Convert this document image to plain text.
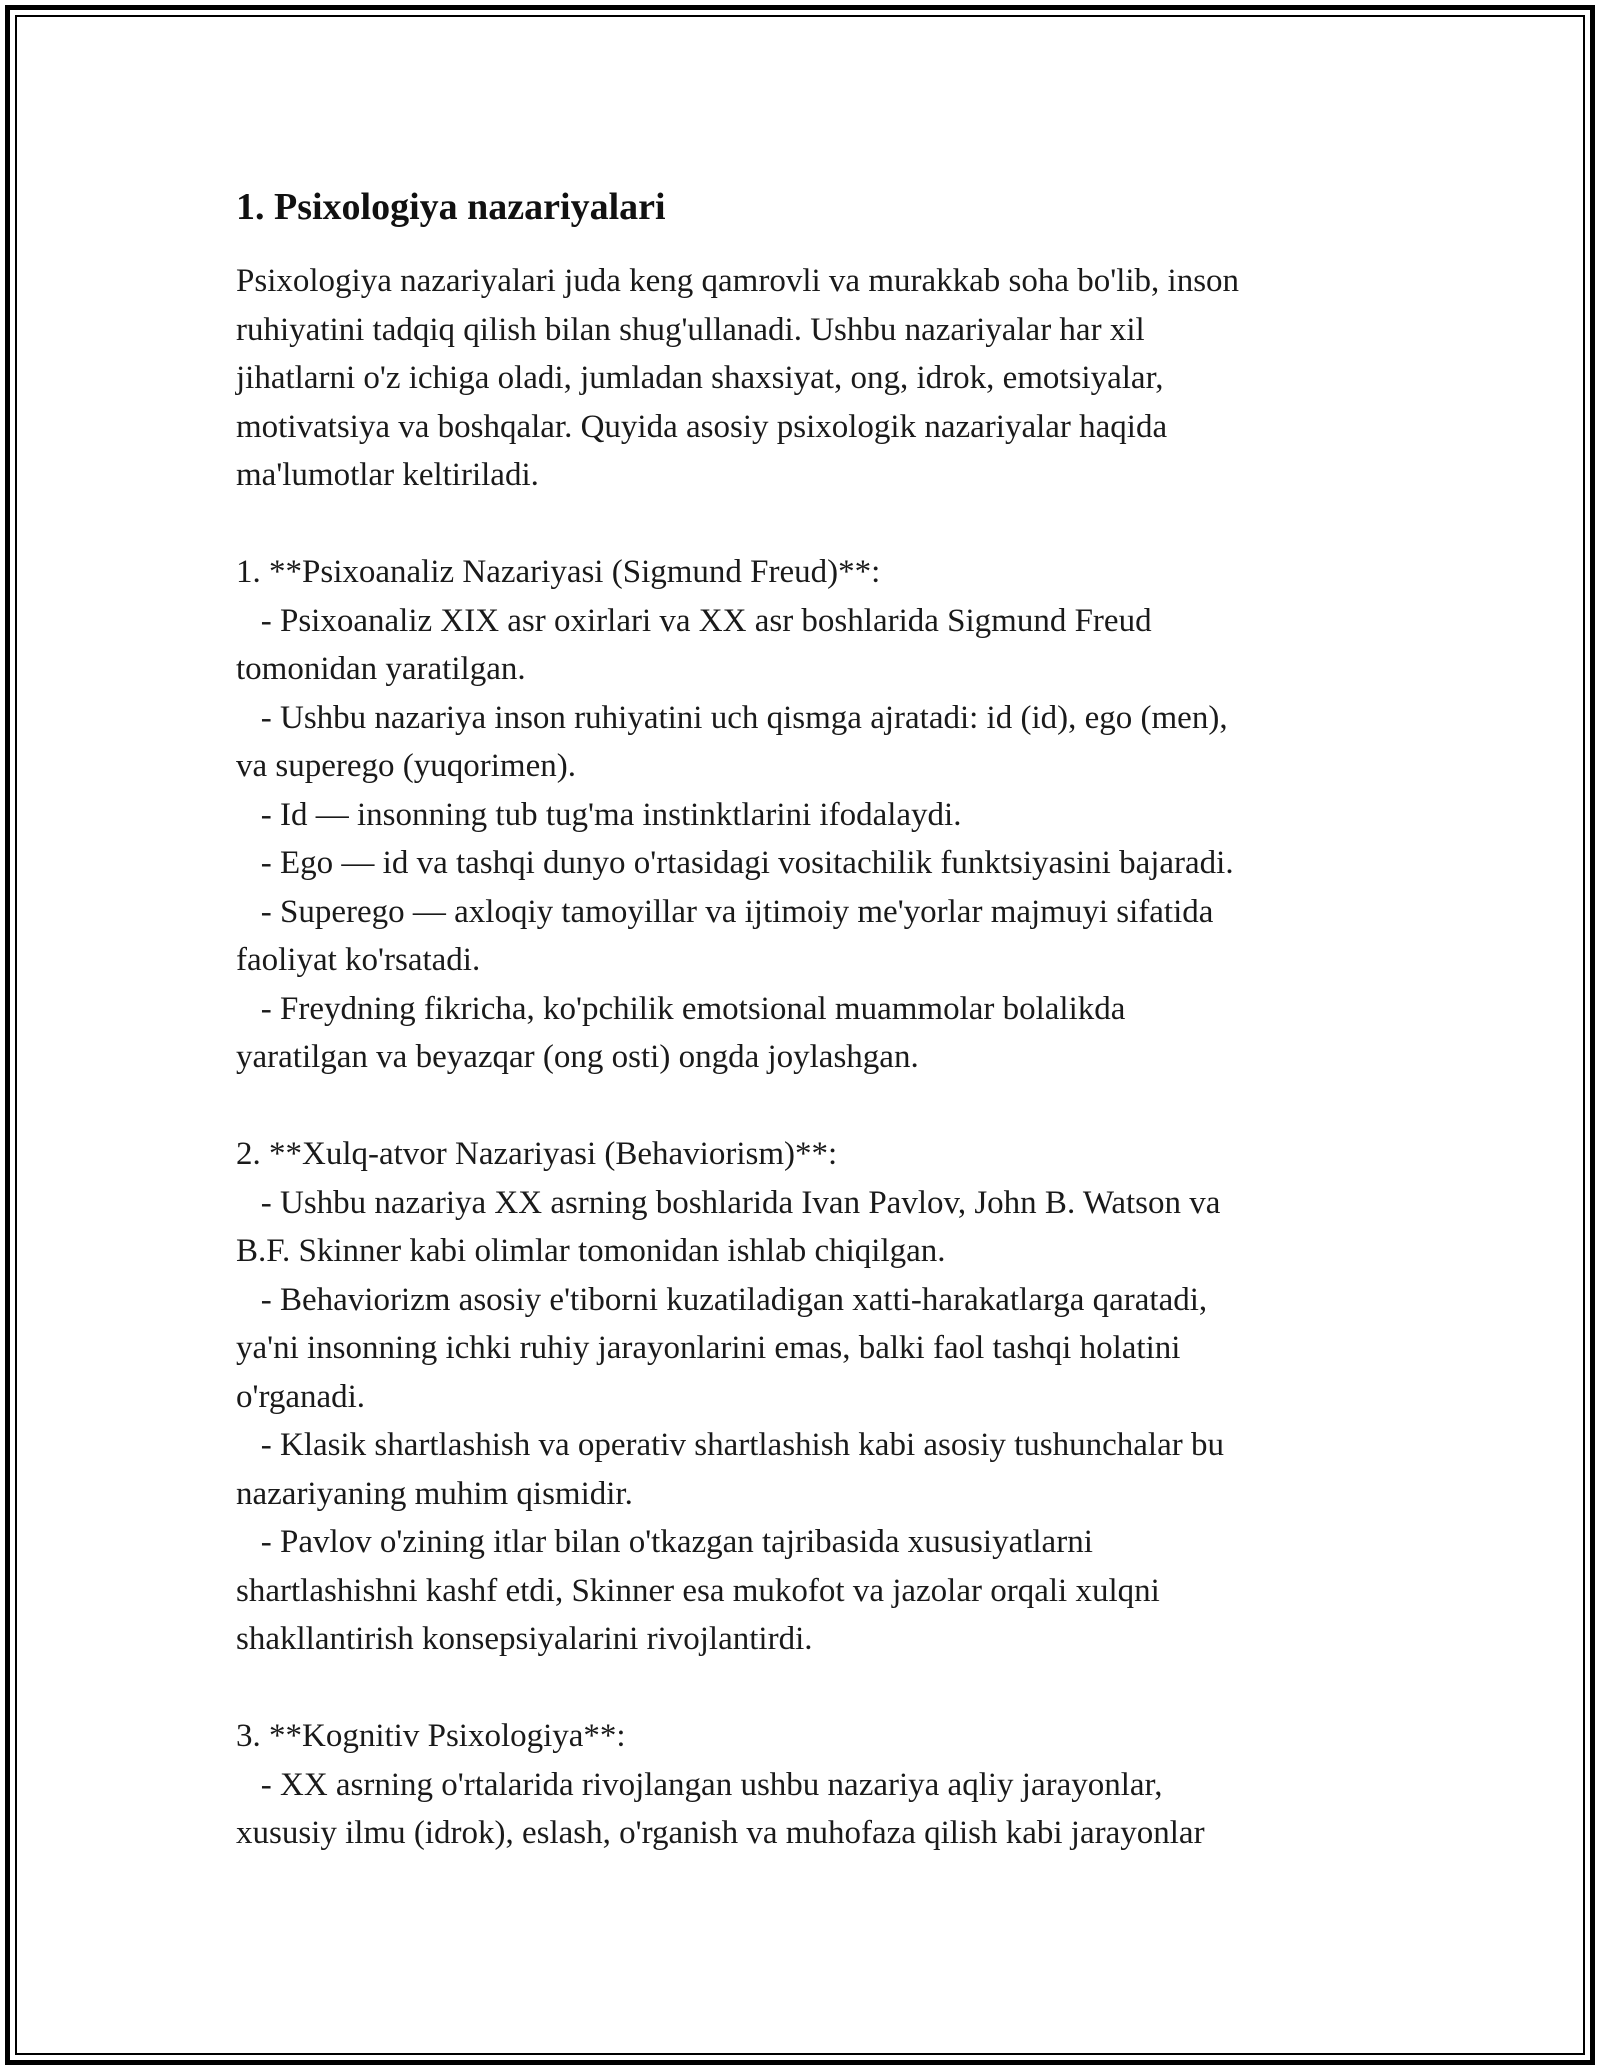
1. Psixologiya nazariyalari

Psixologiya nazariyalari juda keng qamrovli va murakkab soha bo'lib, inson
ruhiyatini tadqiq qilish bilan shug'ullanadi. Ushbu nazariyalar har xil
jihatlarni o'z ichiga oladi, jumladan shaxsiyat, ong, idrok, emotsiyalar,
motivatsiya va boshqalar. Quyida asosiy psixologik nazariyalar haqida
ma'lumotlar keltiriladi.

1. **Psixoanaliz Nazariyasi (Sigmund Freud)**:
- Psixoanaliz XIX asr oxirlari va XX asr boshlarida Sigmund Freud
tomonidan yaratilgan.
- Ushbu nazariya inson ruhiyatini uch qismga ajratadi: id (id), ego (men),
va superego (yuqorimen).
- Id — insonning tub tug'ma instinktlarini ifodalaydi.
- Ego — id va tashqi dunyo o'rtasidagi vositachilik funktsiyasini bajaradi.
- Superego — axloqiy tamoyillar va ijtimoiy me'yorlar majmuyi sifatida
faoliyat ko'rsatadi.
- Freydning fikricha, ko'pchilik emotsional muammolar bolalikda
yaratilgan va beyazqar (ong osti) ongda joylashgan.

2. **Xulq-atvor Nazariyasi (Behaviorism)**:
- Ushbu nazariya XX asrning boshlarida Ivan Pavlov, John B. Watson va
B.F. Skinner kabi olimlar tomonidan ishlab chiqilgan.
- Behaviorizm asosiy e'tiborni kuzatiladigan xatti-harakatlarga qaratadi,
ya'ni insonning ichki ruhiy jarayonlarini emas, balki faol tashqi holatini
o'rganadi.
- Klasik shartlashish va operativ shartlashish kabi asosiy tushunchalar bu
nazariyaning muhim qismidir.
- Pavlov o'zining itlar bilan o'tkazgan tajribasida xususiyatlarni
shartlashishni kashf etdi, Skinner esa mukofot va jazolar orqali xulqni
shakllantirish konsepsiyalarini rivojlantirdi.

3. **Kognitiv Psixologiya**:
- XX asrning o'rtalarida rivojlangan ushbu nazariya aqliy jarayonlar,
xususiy ilmu (idrok), eslash, o'rganish va muhofaza qilish kabi jarayonlar
